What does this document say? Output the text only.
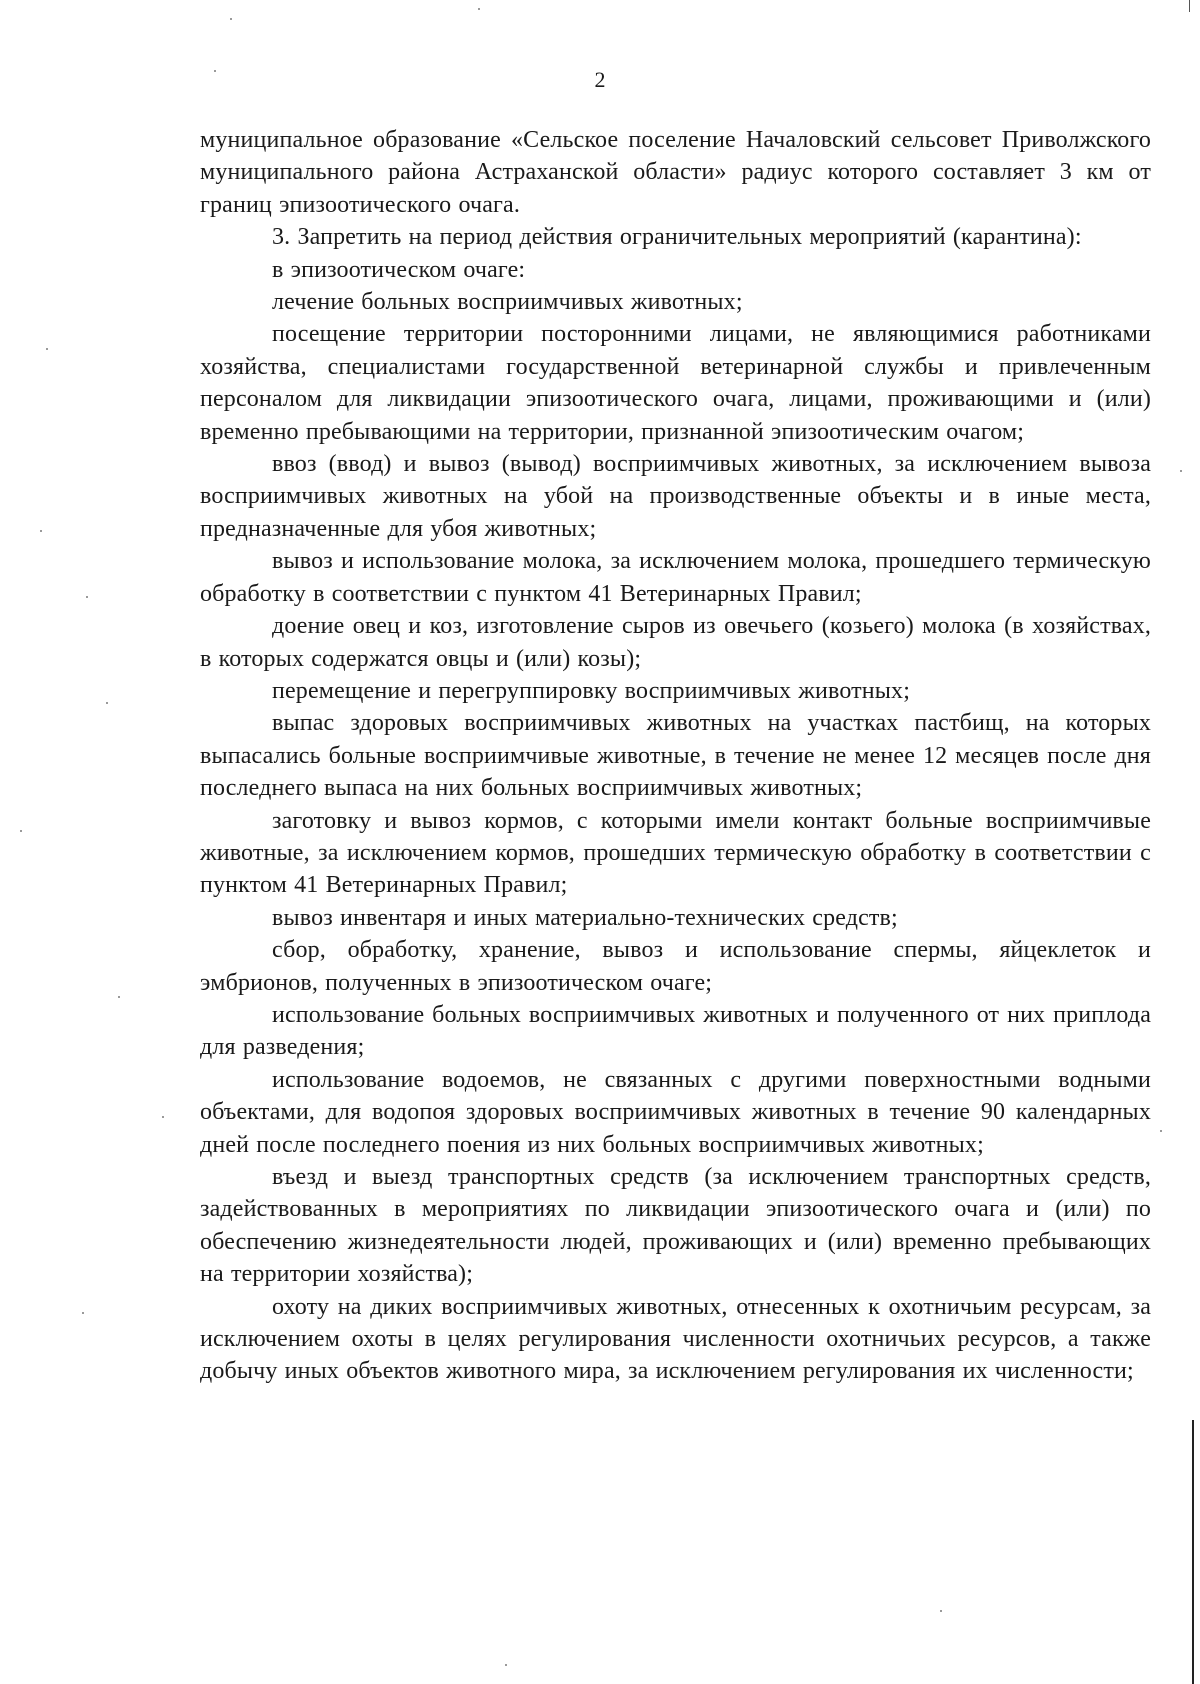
2

муниципальное образование «Сельское поселение Началовский сельсовет Приволжского муниципального района Астраханской области» радиус которого составляет 3 км от границ эпизоотического очага.

3. Запретить на период действия ограничительных мероприятий (карантина):

в эпизоотическом очаге:

лечение больных восприимчивых животных;

посещение территории посторонними лицами, не являющимися работниками хозяйства, специалистами государственной ветеринарной службы и привлеченным персоналом для ликвидации эпизоотического очага, лицами, проживающими и (или) временно пребывающими на территории, признанной эпизоотическим очагом;

ввоз (ввод) и вывоз (вывод) восприимчивых животных, за исключением вывоза восприимчивых животных на убой на производственные объекты и в иные места, предназначенные для убоя животных;

вывоз и использование молока, за исключением молока, прошедшего термическую обработку в соответствии с пунктом 41 Ветеринарных Правил;

доение овец и коз, изготовление сыров из овечьего (козьего) молока (в хозяйствах, в которых содержатся овцы и (или) козы);

перемещение и перегруппировку восприимчивых животных;

выпас здоровых восприимчивых животных на участках пастбищ, на которых выпасались больные восприимчивые животные, в течение не менее 12 месяцев после дня последнего выпаса на них больных восприимчивых животных;

заготовку и вывоз кормов, с которыми имели контакт больные восприимчивые животные, за исключением кормов, прошедших термическую обработку в соответствии с пунктом 41 Ветеринарных Правил;

вывоз инвентаря и иных материально-технических средств;

сбор, обработку, хранение, вывоз и использование спермы, яйцеклеток и эмбрионов, полученных в эпизоотическом очаге;

использование больных восприимчивых животных и полученного от них приплода для разведения;

использование водоемов, не связанных с другими поверхностными водными объектами, для водопоя здоровых восприимчивых животных в течение 90 календарных дней после последнего поения из них больных восприимчивых животных;

въезд и выезд транспортных средств (за исключением транспортных средств, задействованных в мероприятиях по ликвидации эпизоотического очага и (или) по обеспечению жизнедеятельности людей, проживающих и (или) временно пребывающих на территории хозяйства);

охоту на диких восприимчивых животных, отнесенных к охотничьим ресурсам, за исключением охоты в целях регулирования численности охотничьих ресурсов, а также добычу иных объектов животного мира, за исключением регулирования их численности;
